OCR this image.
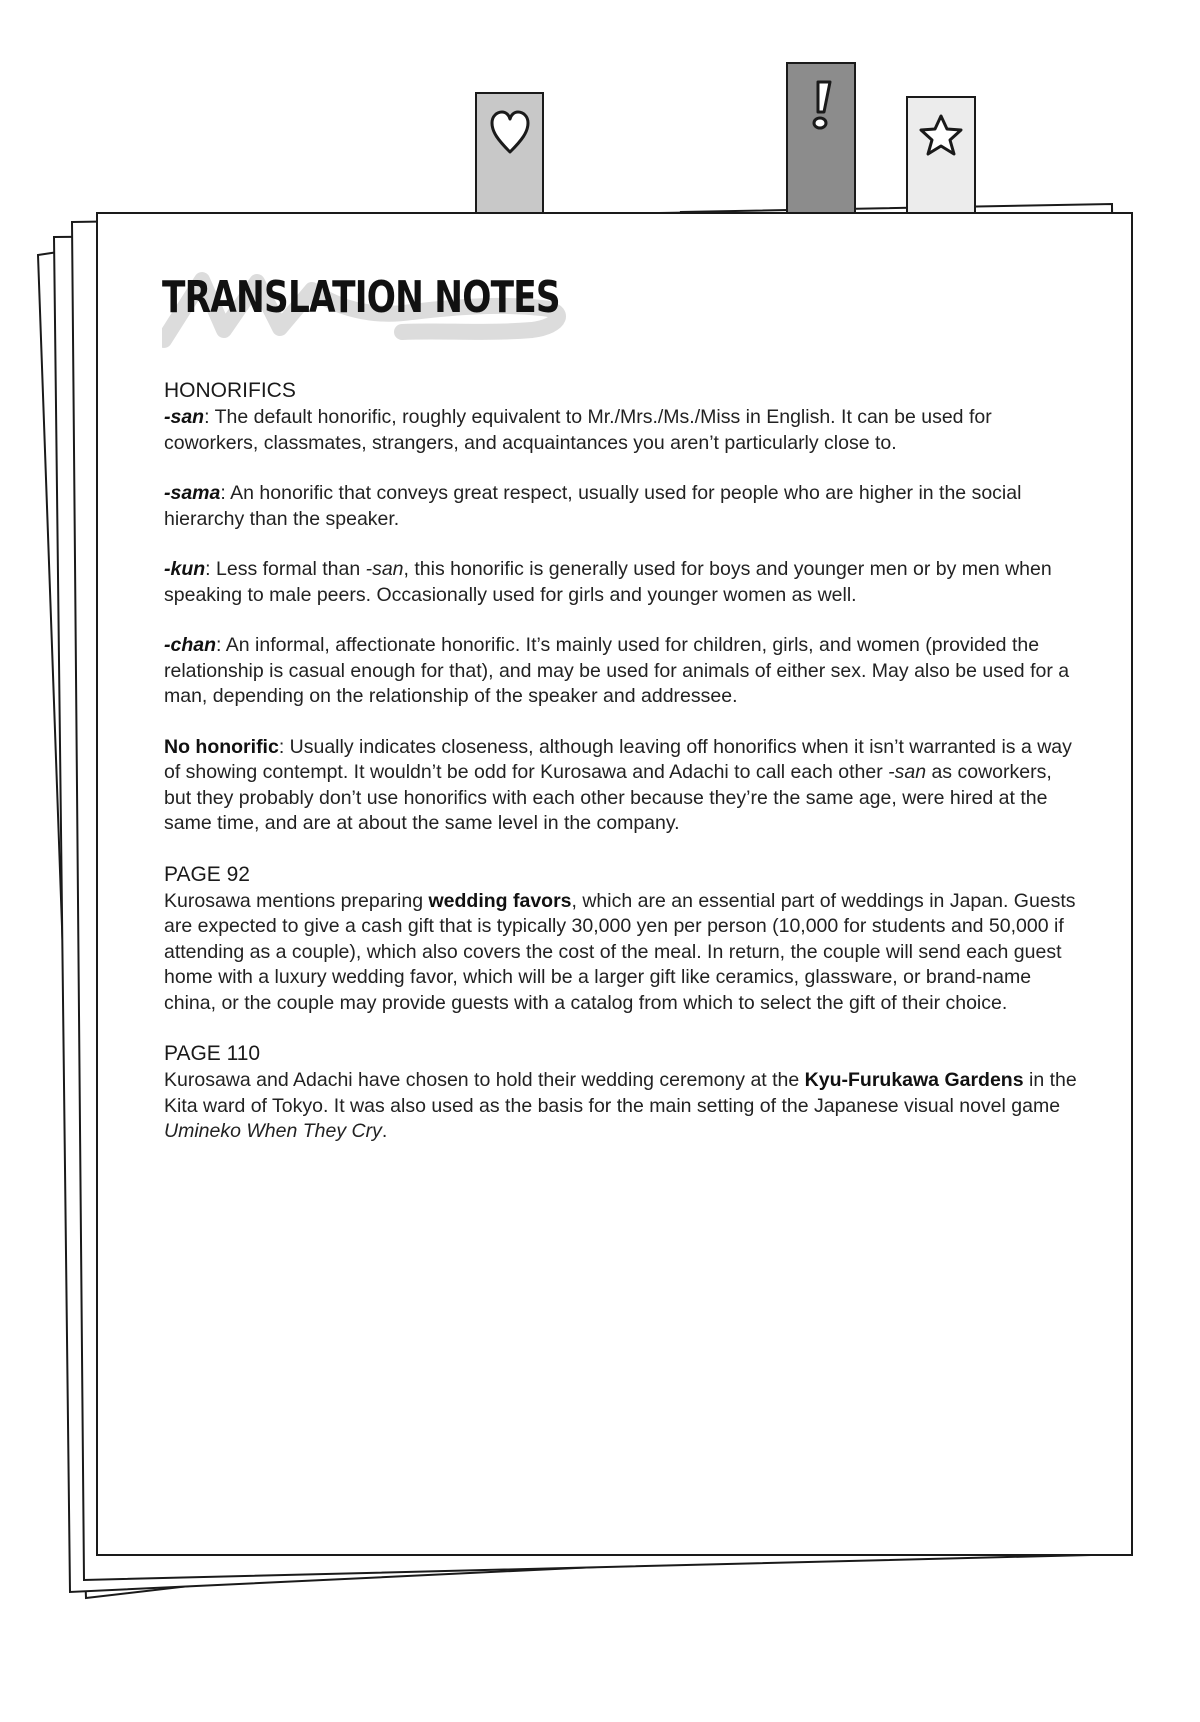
TRANSLATION NOTES
HONORIFICS

-san: The default honorific, roughly equivalent to Mr./Mrs./Ms./Miss in English. It can be used for coworkers, classmates, strangers, and acquaintances you aren’t particularly close to.

-sama: An honorific that conveys great respect, usually used for people who are higher in the social hierarchy than the speaker.

-kun: Less formal than -san, this honorific is generally used for boys and younger men or by men when speaking to male peers. Occasionally used for girls and younger women as well.

-chan: An informal, affectionate honorific. It’s mainly used for children, girls, and women (provided the relationship is casual enough for that), and may be used for animals of either sex. May also be used for a man, depending on the relationship of the speaker and addressee.

No honorific: Usually indicates closeness, although leaving off honorifics when it isn’t warranted is a way of showing contempt. It wouldn’t be odd for Kurosawa and Adachi to call each other -san as coworkers, but they probably don’t use honorifics with each other because they’re the same age, were hired at the same time, and are at about the same level in the company.

PAGE 92

Kurosawa mentions preparing wedding favors, which are an essential part of weddings in Japan. Guests are expected to give a cash gift that is typically 30,000 yen per person (10,000 for students and 50,000 if attending as a couple), which also covers the cost of the meal. In return, the couple will send each guest home with a luxury wedding favor, which will be a larger gift like ceramics, glassware, or brand-name china, or the couple may provide guests with a catalog from which to select the gift of their choice.

PAGE 110

Kurosawa and Adachi have chosen to hold their wedding ceremony at the Kyu-Furukawa Gardens in the Kita ward of Tokyo. It was also used as the basis for the main setting of the Japanese visual novel game Umineko When They Cry.
